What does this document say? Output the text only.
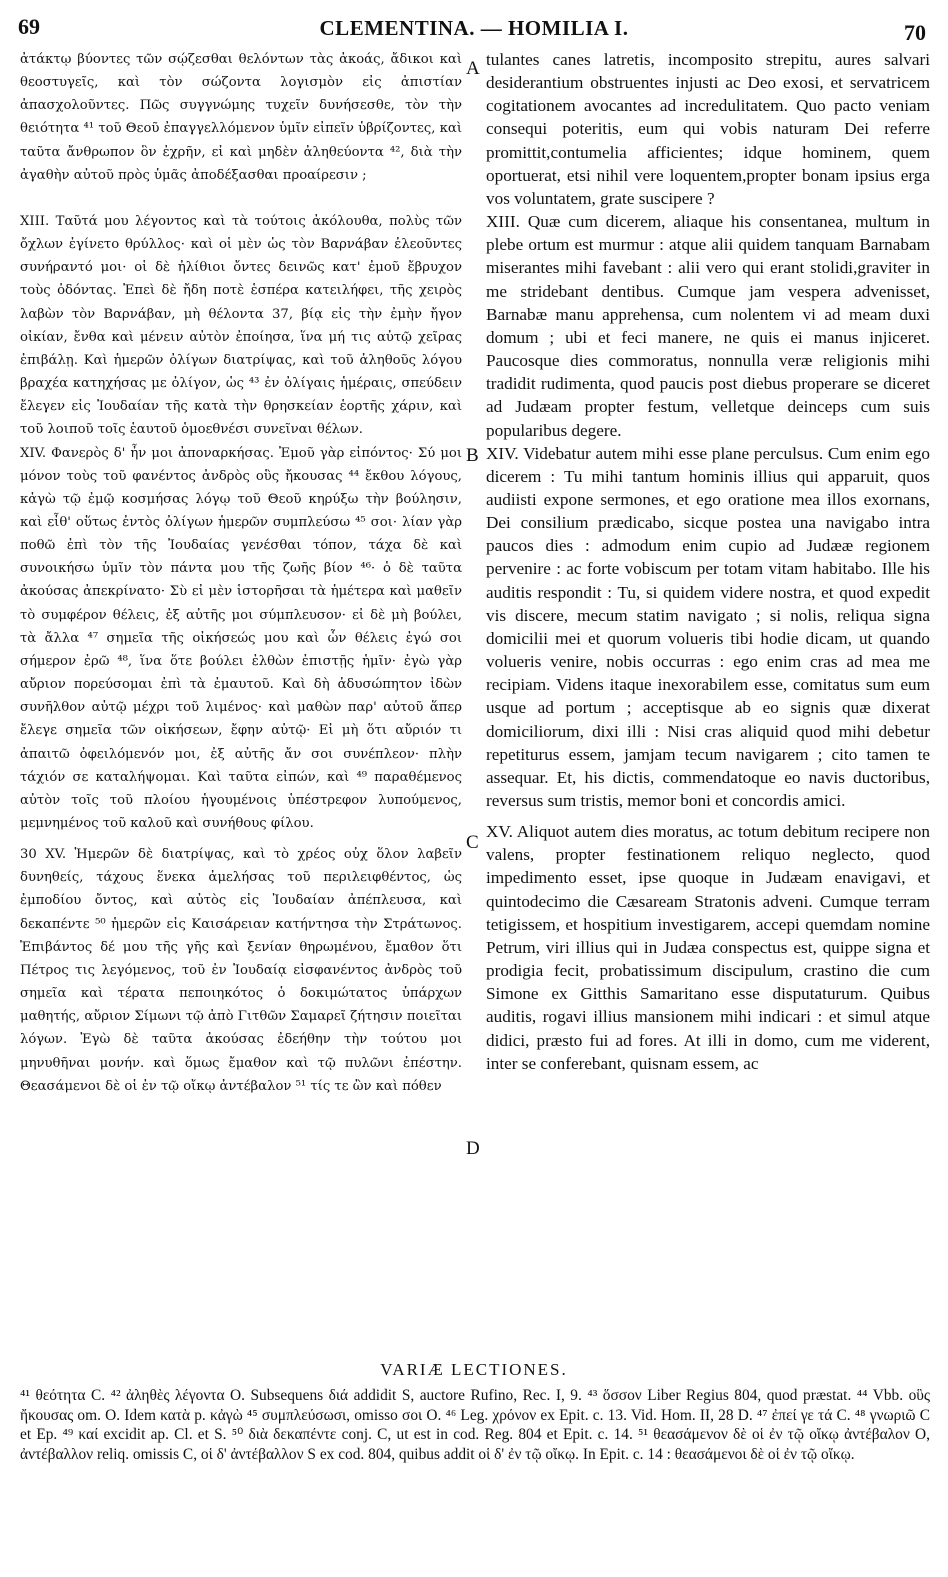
69	CLEMENTINA. — HOMILIA I.	70
A
B
C
D

ἀτάκτῳ βύοντες τῶν σῴζεσθαι θελόντων τὰς ἀκοάς, ἄδικοι καὶ θεοστυγεῖς, καὶ τὸν σώζοντα λογισμὸν εἰς ἀπιστίαν ἀπασχολοῦντες. Πῶς συγγνώμης τυχεῖν δυνήσεσθε, τὸν τὴν θειότητα ⁴¹ τοῦ Θεοῦ ἐπαγγελλόμενον ὑμῖν εἰπεῖν ὑβρίζοντες, καὶ ταῦτα ἄνθρωπον ὃν ἐχρῆν, εἰ καὶ μηδὲν ἀληθεύοντα ⁴², διὰ τὴν ἀγαθὴν αὐτοῦ πρὸς ὑμᾶς ἀποδέξασθαι προαίρεσιν ;

XIII. Ταῦτά μου λέγοντος καὶ τὰ τούτοις ἀκόλουθα, πολὺς τῶν ὄχλων ἐγίνετο θρύλλος· καὶ οἱ μὲν ὡς τὸν Βαρνάβαν ἐλεοῦντες συνήραντό μοι· οἱ δὲ ἠλίθιοι ὄντες δεινῶς κατ' ἐμοῦ ἔβρυχον τοὺς ὀδόντας. Ἐπεὶ δὲ ἤδη ποτὲ ἑσπέρα κατειλήφει, τῆς χειρὸς λαβὼν τὸν Βαρνάβαν, μὴ θέλοντα 37, βίᾳ εἰς τὴν ἐμὴν ἤγον οἰκίαν, ἔνθα καὶ μένειν αὐτὸν ἐποίησα, ἵνα μή τις αὐτῷ χεῖρας ἐπιβάλῃ. Καὶ ἡμερῶν ὀλίγων διατρίψας, καὶ τοῦ ἀληθοῦς λόγου βραχέα κατηχήσας με ὀλίγον, ὡς ⁴³ ἐν ὀλίγαις ἡμέραις, σπεύδειν ἔλεγεν εἰς Ἰουδαίαν τῆς κατὰ τὴν θρησκείαν ἑορτῆς χάριν, καὶ τοῦ λοιποῦ τοῖς ἑαυτοῦ ὁμοεθνέσι συνεῖναι θέλων.

XIV. Φανερὸς δ' ἦν μοι ἀποναρκήσας. Ἐμοῦ γὰρ εἰπόντος· Σύ μοι μόνον τοὺς τοῦ φανέντος ἀνδρὸς οὓς ἤκουσας ⁴⁴ ἔκθου λόγους, κἀγὼ τῷ ἐμῷ κοσμήσας λόγῳ τοῦ Θεοῦ κηρύξω τὴν βούλησιν, καὶ εἶθ' οὕτως ἐντὸς ὀλίγων ἡμερῶν συμπλεύσω ⁴⁵ σοι· λίαν γὰρ ποθῶ ἐπὶ τὸν τῆς Ἰουδαίας γενέσθαι τόπον, τάχα δὲ καὶ συνοικήσω ὑμῖν τὸν πάντα μου τῆς ζωῆς βίον ⁴⁶· ὁ δὲ ταῦτα ἀκούσας ἀπεκρίνατο· Σὺ εἰ μὲν ἱστορῆσαι τὰ ἡμέτερα καὶ μαθεῖν τὸ συμφέρον θέλεις, ἐξ αὐτῆς μοι σύμπλευσον· εἰ δὲ μὴ βούλει, τὰ ἄλλα ⁴⁷ σημεῖα τῆς οἰκήσεώς μου καὶ ὧν θέλεις ἐγώ σοι σήμερον ἐρῶ ⁴⁸, ἵνα ὅτε βούλει ἐλθὼν ἐπιστῇς ἡμῖν· ἐγὼ γὰρ αὔριον πορεύσομαι ἐπὶ τὰ ἐμαυτοῦ. Καὶ δὴ ἀδυσώπητον ἰδὼν συνῆλθον αὐτῷ μέχρι τοῦ λιμένος· καὶ μαθὼν παρ' αὐτοῦ ἅπερ ἔλεγε σημεῖα τῶν οἰκήσεων, ἔφην αὐτῷ· Εἰ μὴ ὅτι αὔριόν τι ἀπαιτῶ ὀφειλόμενόν μοι, ἐξ αὐτῆς ἄν σοι συνέπλεον· πλὴν τάχιόν σε καταλήψομαι. Καὶ ταῦτα εἰπών, καὶ ⁴⁹ παραθέμενος αὐτὸν τοῖς τοῦ πλοίου ἡγουμένοις ὑπέστρεφον λυπούμενος, μεμνημένος τοῦ καλοῦ καὶ συνήθους φίλου.

30 XV. Ἡμερῶν δὲ διατρίψας, καὶ τὸ χρέος οὐχ ὅλον λαβεῖν δυνηθείς, τάχους ἕνεκα ἀμελήσας τοῦ περιλειφθέντος, ὡς ἐμποδίου ὄντος, καὶ αὐτὸς εἰς Ἰουδαίαν ἀπέπλευσα, καὶ δεκαπέντε ⁵⁰ ἡμερῶν εἰς Καισάρειαν κατήντησα τὴν Στράτωνος. Ἐπιβάντος δέ μου τῆς γῆς καὶ ξενίαν θηρωμένου, ἔμαθον ὅτι Πέτρος τις λεγόμενος, τοῦ ἐν Ἰουδαίᾳ εἰσφανέντος ἀνδρὸς τοῦ σημεῖα καὶ τέρατα πεποιηκότος ὁ δοκιμώτατος ὑπάρχων μαθητής, αὔριον Σίμωνι τῷ ἀπὸ Γιτθῶν Σαμαρεῖ ζήτησιν ποιεῖται λόγων. Ἐγὼ δὲ ταῦτα ἀκούσας ἐδεήθην τὴν τούτου μοι μηνυθῆναι μονήν. καὶ ὅμως ἔμαθον καὶ τῷ πυλῶνι ἐπέστην. Θεασάμενοι δὲ οἱ ἐν τῷ οἴκῳ ἀντέβαλον ⁵¹ τίς τε ὢν καὶ πόθεν

tulantes canes latretis, incomposito strepitu, aures salvari desiderantium obstruentes injusti ac Deo exosi, et servatricem cogitationem avocantes ad incredulitatem. Quo pacto veniam consequi poteritis, eum qui vobis naturam Dei referre promittit,contumelia afficientes; idque hominem, quem oportuerat, etsi nihil vere loquentem,propter bonam ipsius erga vos voluntatem, grate suscipere ?

XIII. Quæ cum dicerem, aliaque his consentanea, multum in plebe ortum est murmur : atque alii quidem tanquam Barnabam miserantes mihi favebant : alii vero qui erant stolidi,graviter in me stridebant dentibus. Cumque jam vespera advenisset, Barnabæ manu apprehensa, cum nolentem vi ad meam duxi domum ; ubi et feci manere, ne quis ei manus injiceret. Paucosque dies commoratus, nonnulla veræ religionis mihi tradidit rudimenta, quod paucis post diebus properare se diceret ad Judæam propter festum, velletque deinceps cum suis popularibus degere.

XIV. Videbatur autem mihi esse plane perculsus. Cum enim ego dicerem : Tu mihi tantum hominis illius qui apparuit, quos audiisti expone sermones, et ego oratione mea illos exornans, Dei consilium prædicabo, sicque postea una navigabo intra paucos dies : admodum enim cupio ad Judææ regionem pervenire : ac forte vobiscum per totam vitam habitabo. Ille his auditis respondit : Tu, si quidem videre nostra, et quod expedit vis discere, mecum statim navigato ; si nolis, reliqua signa domicilii mei et quorum volueris tibi hodie dicam, ut quando volueris venire, nobis occurras : ego enim cras ad mea me recipiam. Videns itaque inexorabilem esse, comitatus sum eum usque ad portum ; acceptisque ab eo signis quæ dixerat domiciliorum, dixi illi : Nisi cras aliquid quod mihi debetur repetiturus essem, jamjam tecum navigarem ; cito tamen te assequar. Et, his dictis, commendatoque eo navis ductoribus, reversus sum tristis, memor boni et concordis amici.

XV. Aliquot autem dies moratus, ac totum debitum recipere non valens, propter festinationem reliquo neglecto, quod impedimento esset, ipse quoque in Judæam enavigavi, et quintodecimo die Cæsaream Stratonis adveni. Cumque terram tetigissem, et hospitium investigarem, accepi quemdam nomine Petrum, viri illius qui in Judæa conspectus est, quippe signa et prodigia fecit, probatissimum discipulum, crastino die cum Simone ex Gitthis Samaritano esse disputaturum. Quibus auditis, rogavi illius mansionem mihi indicari : et simul atque didici, præsto fui ad fores. At illi in domo, cum me viderent, inter se conferebant, quisnam essem, ac

VARIÆ LECTIONES.
⁴¹ θεότητα C. ⁴² ἀληθὲς λέγοντα O. Subsequens διά addidit S, auctore Rufino, Rec. I, 9. ⁴³ ὅσσον Liber Regius 804, quod præstat. ⁴⁴ Vbb. οὓς ἤκουσας om. O. Idem κατὰ p. κἀγὼ ⁴⁵ συμπλεύσωσι, omisso σοι O. ⁴⁶ Leg. χρόνον ex Epit. c. 13. Vid. Hom. II, 28 D. ⁴⁷ ἐπεί γε τά C. ⁴⁸ γνωριῶ C et Ep. ⁴⁹ καί excidit ap. Cl. et S. ⁵⁰ διὰ δεκαπέντε conj. C, ut est in cod. Reg. 804 et Epit. c. 14. ⁵¹ θεασάμενον δὲ οἱ ἐν τῷ οἴκῳ ἀντέβαλον O, ἀντέβαλλον reliq. omissis C, οἱ δ' ἀντέβαλλον S ex cod. 804, quibus addit οἱ δ' ἐν τῷ οἴκῳ. In Epit. c. 14 : θεασάμενοι δὲ οἱ ἐν τῷ οἴκῳ.
